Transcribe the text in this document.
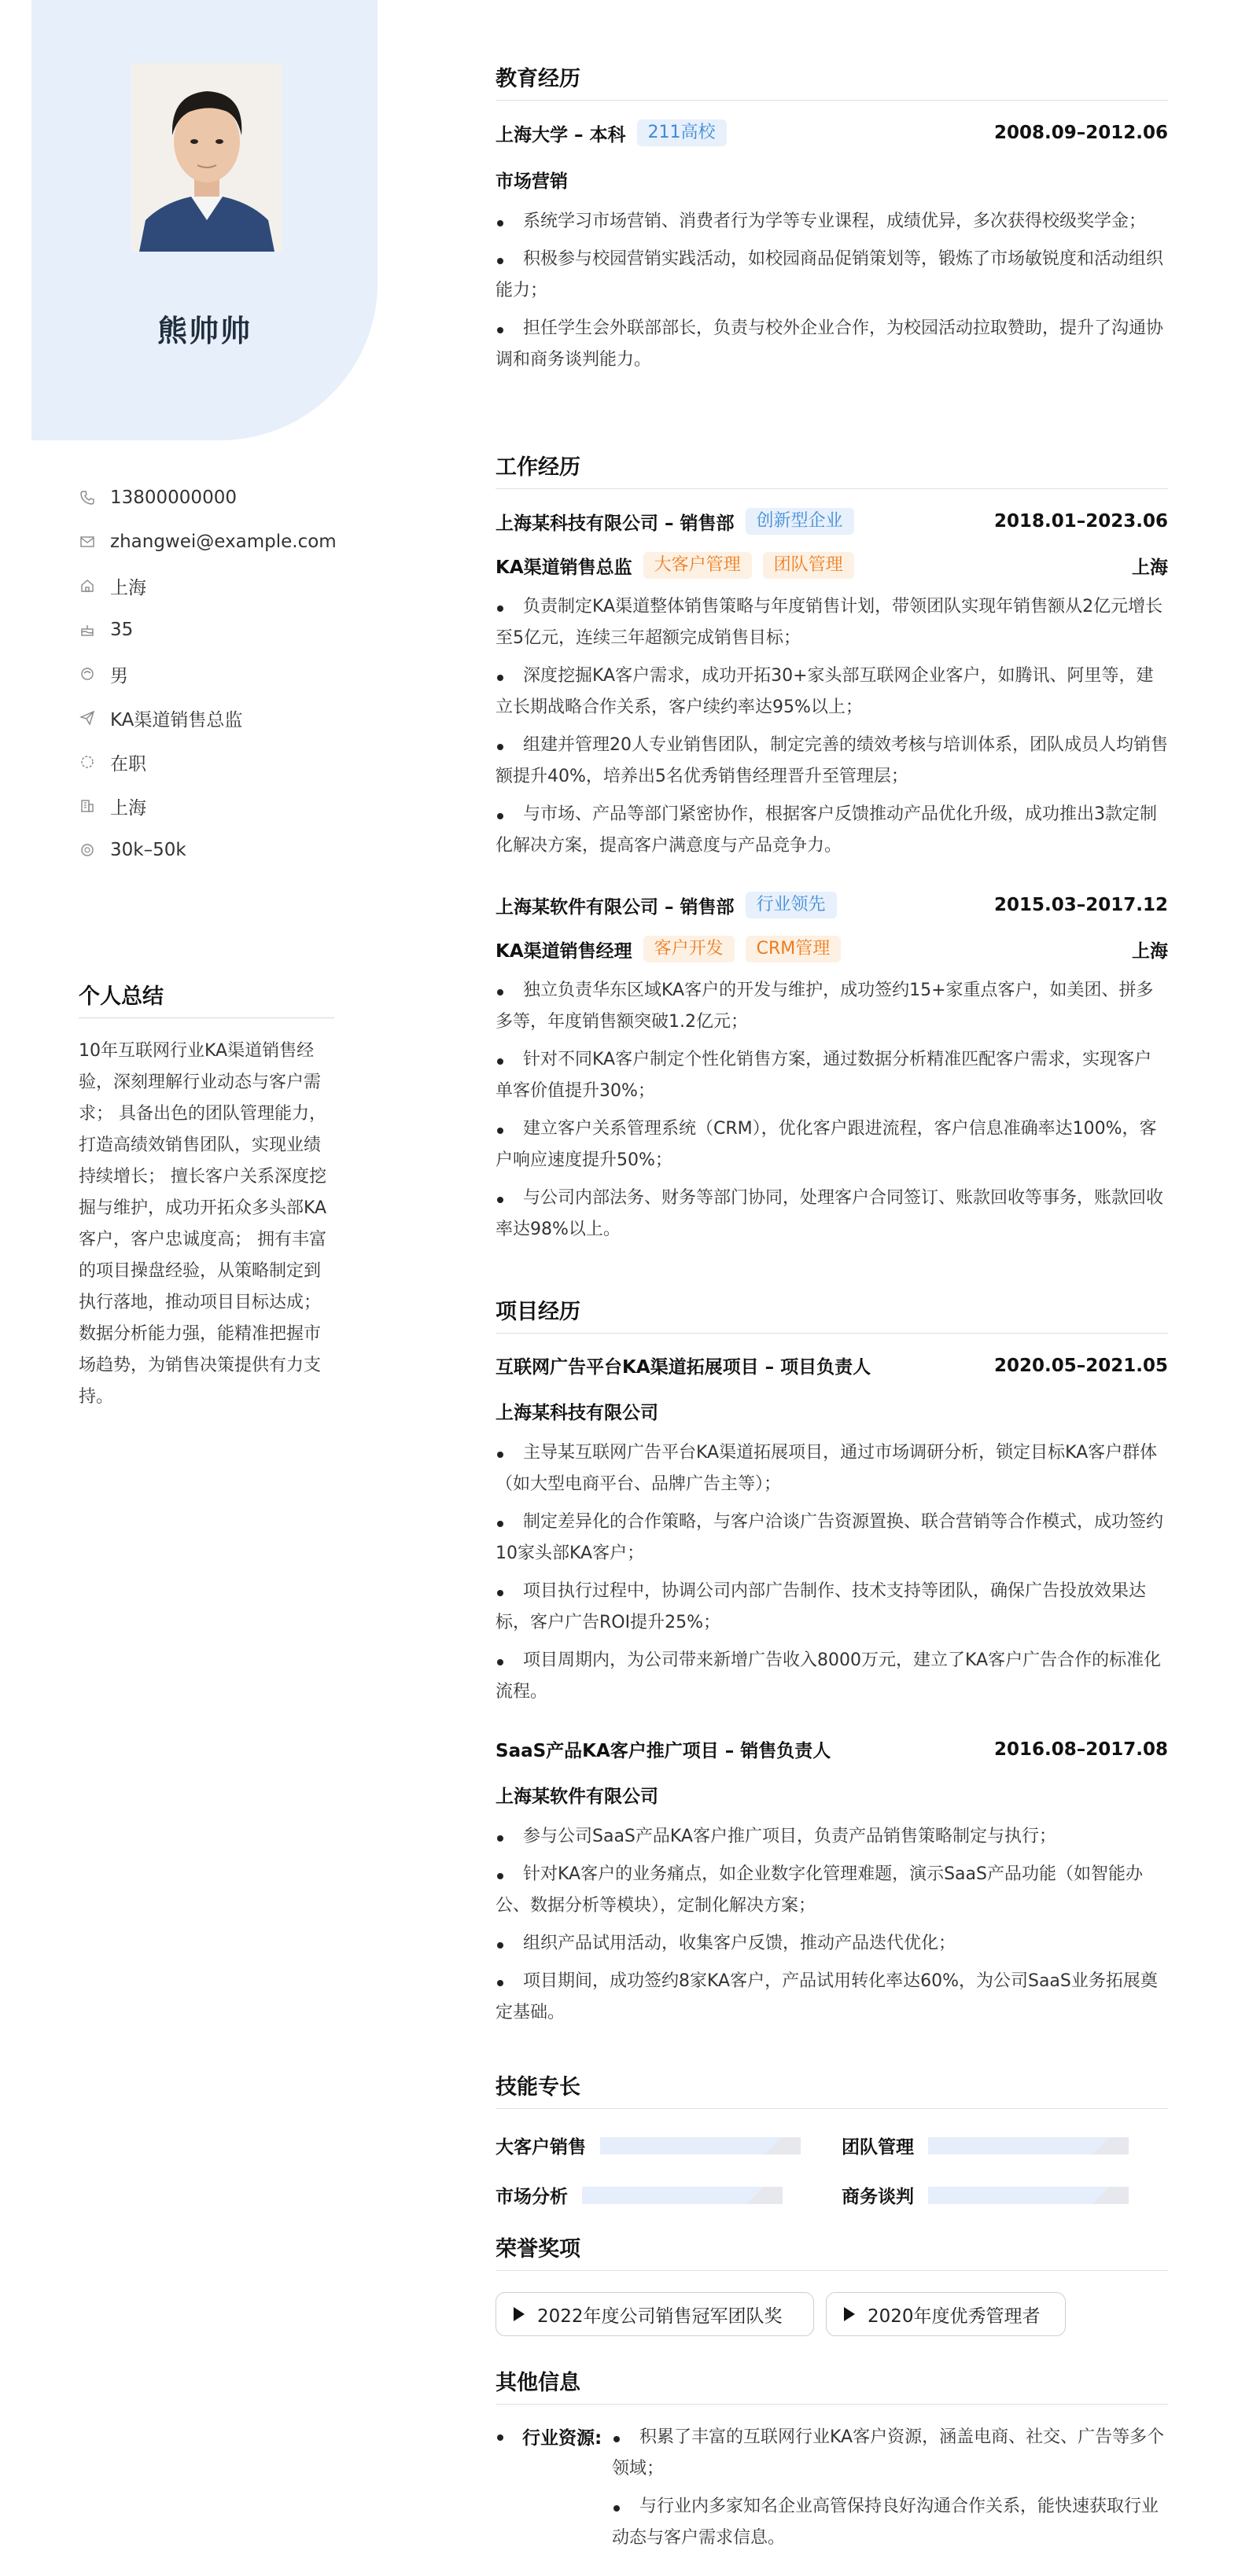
熊帅帅
13800000000
zhangwei@example.com
上海
35
男
KA渠道销售总监
在职
上海
30k–50k
个人总结
10年互联网行业KA渠道销售经验，深刻理解行业动态与客户需求； 具备出色的团队管理能力，打造高绩效销售团队，实现业绩持续增长； 擅长客户关系深度挖掘与维护，成功开拓众多头部KA客户，客户忠诚度高； 拥有丰富的项目操盘经验，从策略制定到执行落地，推动项目目标达成； 数据分析能力强，能精准把握市场趋势，为销售决策提供有力支持。
教育经历
上海大学 – 本科	211高校	2008.09–2012.06
市场营销
系统学习市场营销、消费者行为学等专业课程，成绩优异，多次获得校级奖学金；
积极参与校园营销实践活动，如校园商品促销策划等，锻炼了市场敏锐度和活动组织能力；
担任学生会外联部部长，负责与校外企业合作，为校园活动拉取赞助，提升了沟通协调和商务谈判能力。
工作经历
上海某科技有限公司 – 销售部	创新型企业	2018.01–2023.06
KA渠道销售总监	大客户管理	团队管理	上海
负责制定KA渠道整体销售策略与年度销售计划，带领团队实现年销售额从2亿元增长至5亿元，连续三年超额完成销售目标；
深度挖掘KA客户需求，成功开拓30+家头部互联网企业客户，如腾讯、阿里等，建立长期战略合作关系，客户续约率达95%以上；
组建并管理20人专业销售团队，制定完善的绩效考核与培训体系，团队成员人均销售额提升40%，培养出5名优秀销售经理晋升至管理层；
与市场、产品等部门紧密协作，根据客户反馈推动产品优化升级，成功推出3款定制化解决方案，提高客户满意度与产品竞争力。
上海某软件有限公司 – 销售部	行业领先	2015.03–2017.12
KA渠道销售经理	客户开发	CRM管理	上海
独立负责华东区域KA客户的开发与维护，成功签约15+家重点客户，如美团、拼多多等，年度销售额突破1.2亿元；
针对不同KA客户制定个性化销售方案，通过数据分析精准匹配客户需求，实现客户单客价值提升30%；
建立客户关系管理系统（CRM），优化客户跟进流程，客户信息准确率达100%，客户响应速度提升50%；
与公司内部法务、财务等部门协同，处理客户合同签订、账款回收等事务，账款回收率达98%以上。
项目经历
互联网广告平台KA渠道拓展项目 – 项目负责人	2020.05–2021.05
上海某科技有限公司
主导某互联网广告平台KA渠道拓展项目，通过市场调研分析，锁定目标KA客户群体（如大型电商平台、品牌广告主等）；
制定差异化的合作策略，与客户洽谈广告资源置换、联合营销等合作模式，成功签约10家头部KA客户；
项目执行过程中，协调公司内部广告制作、技术支持等团队，确保广告投放效果达标，客户广告ROI提升25%；
项目周期内，为公司带来新增广告收入8000万元，建立了KA客户广告合作的标准化流程。
SaaS产品KA客户推广项目 – 销售负责人	2016.08–2017.08
上海某软件有限公司
参与公司SaaS产品KA客户推广项目，负责产品销售策略制定与执行；
针对KA客户的业务痛点，如企业数字化管理难题，演示SaaS产品功能（如智能办公、数据分析等模块），定制化解决方案；
组织产品试用活动，收集客户反馈，推动产品迭代优化；
项目期间，成功签约8家KA客户，产品试用转化率达60%，为公司SaaS业务拓展奠定基础。
技能专长
大客户销售	团队管理
市场分析	商务谈判
荣誉奖项
2022年度公司销售冠军团队奖	2020年度优秀管理者
其他信息
行业资源:	积累了丰富的互联网行业KA客户资源，涵盖电商、社交、广告等多个领域；
与行业内多家知名企业高管保持良好沟通合作关系，能快速获取行业动态与客户需求信息。
